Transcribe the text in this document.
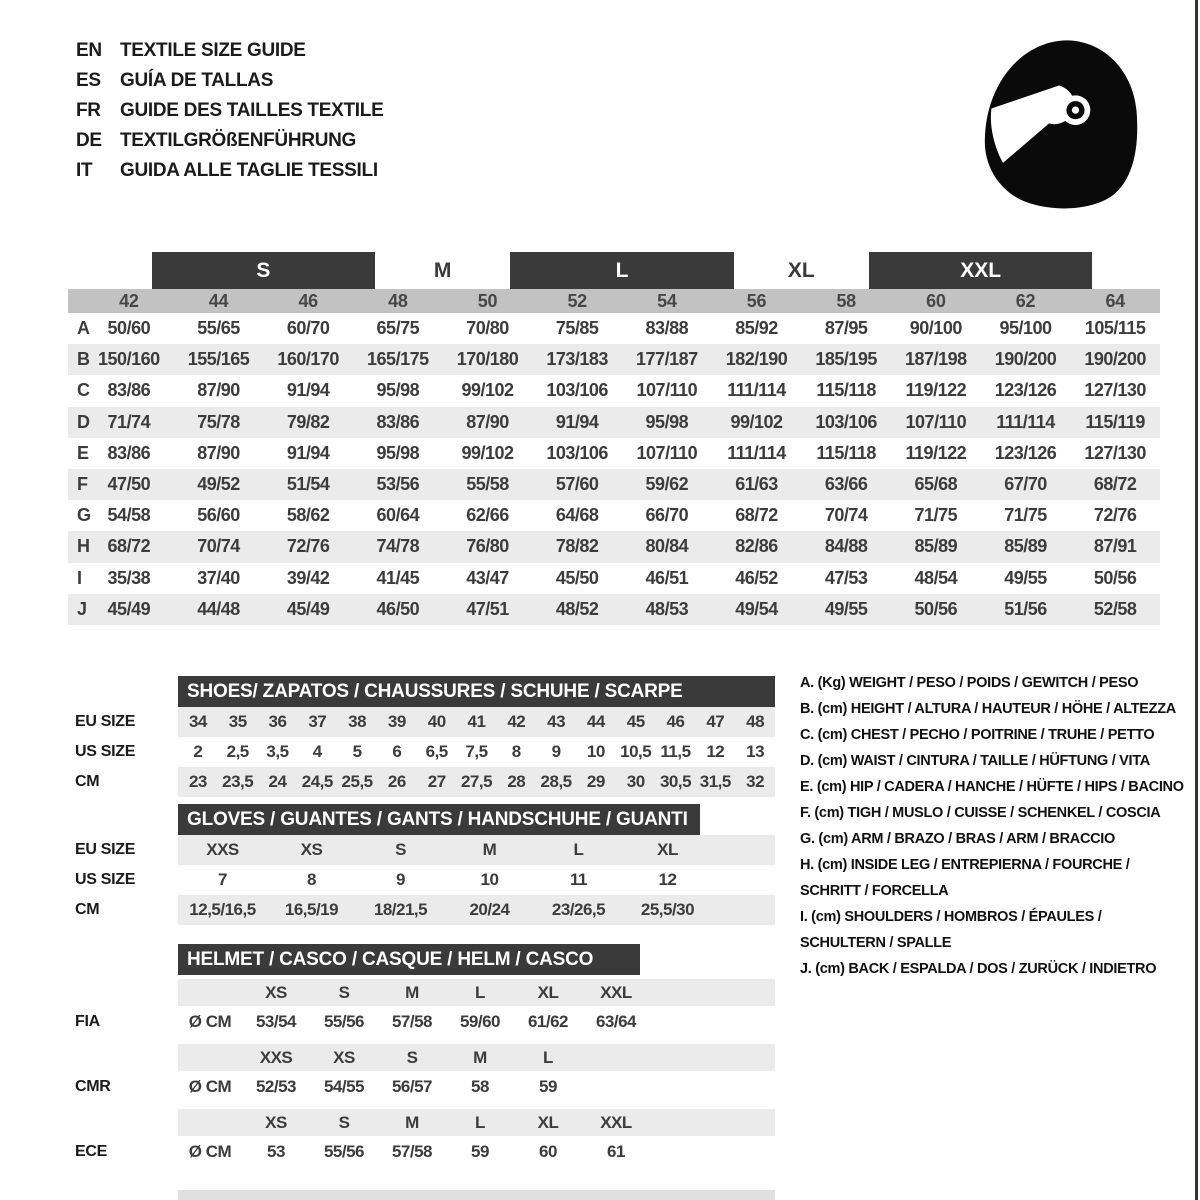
EN TEXTILE SIZE GUIDE
ES	GUÍA DE TALLAS
FR	GUIDE DES TAILLES TEXTILE
DE TEXTILGRÖßENFÜHRUNG
IT	GUIDA ALLE TAGLIE TESSILI
S	M	L	XL	XXL
42	44	46	48	50	52	54	56	58	60	62	64
A 50/60	55/65	60/70	65/75	70/80	75/85	83/88	85/92	87/95	90/100	95/100	105/115
B 150/160	155/165	160/170	165/175	170/180	173/183	177/187	182/190	185/195	187/198	190/200	190/200
C 83/86	87/90	91/94	95/98	99/102	103/106	107/110	111/114	115/118	119/122	123/126	127/130
D 71/74	75/78	79/82	83/86	87/90	91/94	95/98	99/102	103/106	107/110	111/114	115/119
E	83/86	87/90	91/94	95/98	99/102	103/106	107/110	111/114	115/118	119/122	123/126	127/130
F	47/50	49/52	51/54	53/56	55/58	57/60	59/62	61/63	63/66	65/68	67/70	68/72
G 54/58	56/60	58/62	60/64	62/66	64/68	66/70	68/72	70/74	71/75	71/75	72/76
H 68/72	70/74	72/76	74/78	76/80	78/82	80/84	82/86	84/88	85/89	85/89	87/91
I	35/38	37/40	39/42	41/45	43/47	45/50	46/51	46/52	47/53	48/54	49/55	50/56
J	45/49	44/48	45/49	46/50	47/51	48/52	48/53	49/54	49/55	50/56	51/56	52/58
SHOES/ ZAPATOS / CHAUSSURES / SCHUHE / SCARPE
EU SIZE	34	35	36	37	38	39	40	41	42	43	44	45	46	47	48
US SIZE	2	2,5	3,5	4	5	6	6,5	7,5	8	9	10 10,5 11,5 12	13
CM	23 23,5 24 24,5 25,5 26	27 27,5 28 28,5 29	30 30,5 31,5 32
GLOVES / GUANTES / GANTS / HANDSCHUHE / GUANTI
EU SIZE	XXS	XS	S	M	L	XL
US SIZE	7	8	9	10	11	12
CM	12,5/16,5	16,5/19	18/21,5	20/24	23/26,5	25,5/30
HELMET / CASCO / CASQUE / HELM / CASCO
XS	S	M	L	XL	XXL
FIA	Ø CM	53/54	55/56	57/58	59/60	61/62	63/64
XXS	XS	S	M	L
CMR	Ø CM	52/53	54/55	56/57	58	59
XS	S	M	L	XL	XXL
ECE	Ø CM	53	55/56	57/58	59	60	61
A. (Kg) WEIGHT / PESO / POIDS / GEWITCH / PESO
B. (cm) HEIGHT / ALTURA / HAUTEUR / HÖHE / ALTEZZA
C. (cm) CHEST / PECHO / POITRINE / TRUHE / PETTO
D. (cm) WAIST / CINTURA / TAILLE / HÜFTUNG / VITA
E. (cm) HIP / CADERA / HANCHE / HÜFTE / HIPS / BACINO
F. (cm) TIGH / MUSLO / CUISSE / SCHENKEL / COSCIA
G. (cm) ARM / BRAZO / BRAS / ARM / BRACCIO
H. (cm) INSIDE LEG / ENTREPIERNA / FOURCHE /
SCHRITT / FORCELLA
I. (cm) SHOULDERS / HOMBROS / ÉPAULES /
SCHULTERN / SPALLE
J. (cm) BACK / ESPALDA / DOS / ZURÜCK / INDIETRO
